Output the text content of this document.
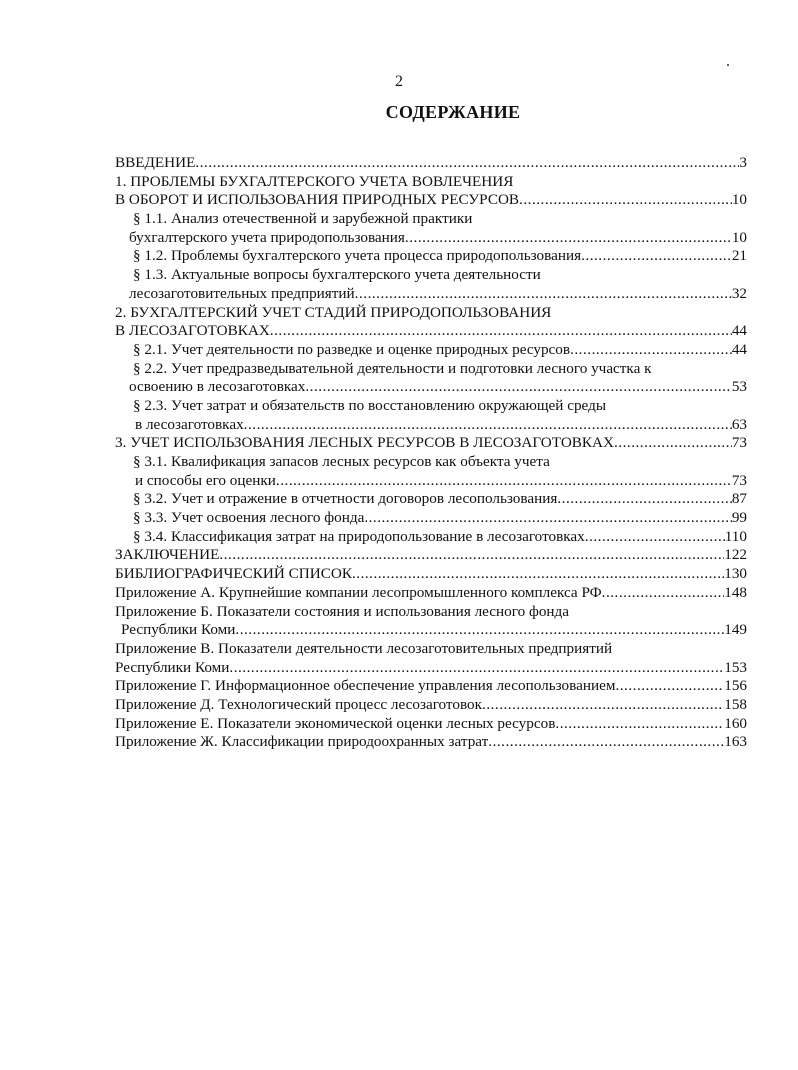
2
СОДЕРЖАНИЕ
ВВЕДЕНИЕ .....	3
1. ПРОБЛЕМЫ БУХГАЛТЕРСКОГО УЧЕТА ВОВЛЕЧЕНИЯ
В ОБОРОТ И ИСПОЛЬЗОВАНИЯ ПРИРОДНЫХ РЕСУРСОВ .....	10
§ 1.1. Анализ отечественной и зарубежной практики
бухгалтерского учета природопользования .....	10
§ 1.2. Проблемы бухгалтерского учета процесса природопользования .....	21
§ 1.3. Актуальные вопросы бухгалтерского учета деятельности
лесозаготовительных предприятий .....	32
2. БУХГАЛТЕРСКИЙ УЧЕТ СТАДИЙ ПРИРОДОПОЛЬЗОВАНИЯ
В ЛЕСОЗАГОТОВКАХ .....	44
§ 2.1. Учет деятельности по разведке и оценке природных ресурсов .....	44
§ 2.2. Учет предразведывательной деятельности и подготовки лесного участка к
освоению в лесозаготовках .....	53
§ 2.3. Учет затрат и обязательств по восстановлению окружающей среды
в лесозаготовках .....	63
3. УЧЕТ ИСПОЛЬЗОВАНИЯ ЛЕСНЫХ РЕСУРСОВ В ЛЕСОЗАГОТОВКАХ .....	73
§ 3.1. Квалификация запасов лесных ресурсов как объекта учета
и способы его оценки .....	73
§ 3.2. Учет и отражение в отчетности договоров лесопользования .....	87
§ 3.3. Учет освоения лесного фонда .....	99
§ 3.4. Классификация затрат на природопользование в лесозаготовках .....	110
ЗАКЛЮЧЕНИЕ .....	122
БИБЛИОГРАФИЧЕСКИЙ СПИСОК .....	130
Приложение А. Крупнейшие компании лесопромышленного комплекса РФ .....	148
Приложение Б. Показатели состояния и использования лесного фонда
Республики Коми .....	149
Приложение В. Показатели деятельности лесозаготовительных предприятий
Республики Коми .....	153
Приложение Г. Информационное обеспечение управления лесопользованием .....	156
Приложение Д. Технологический процесс лесозаготовок .....	158
Приложение Е. Показатели экономической оценки лесных ресурсов .....	160
Приложение Ж. Классификации природоохранных затрат .....	163
